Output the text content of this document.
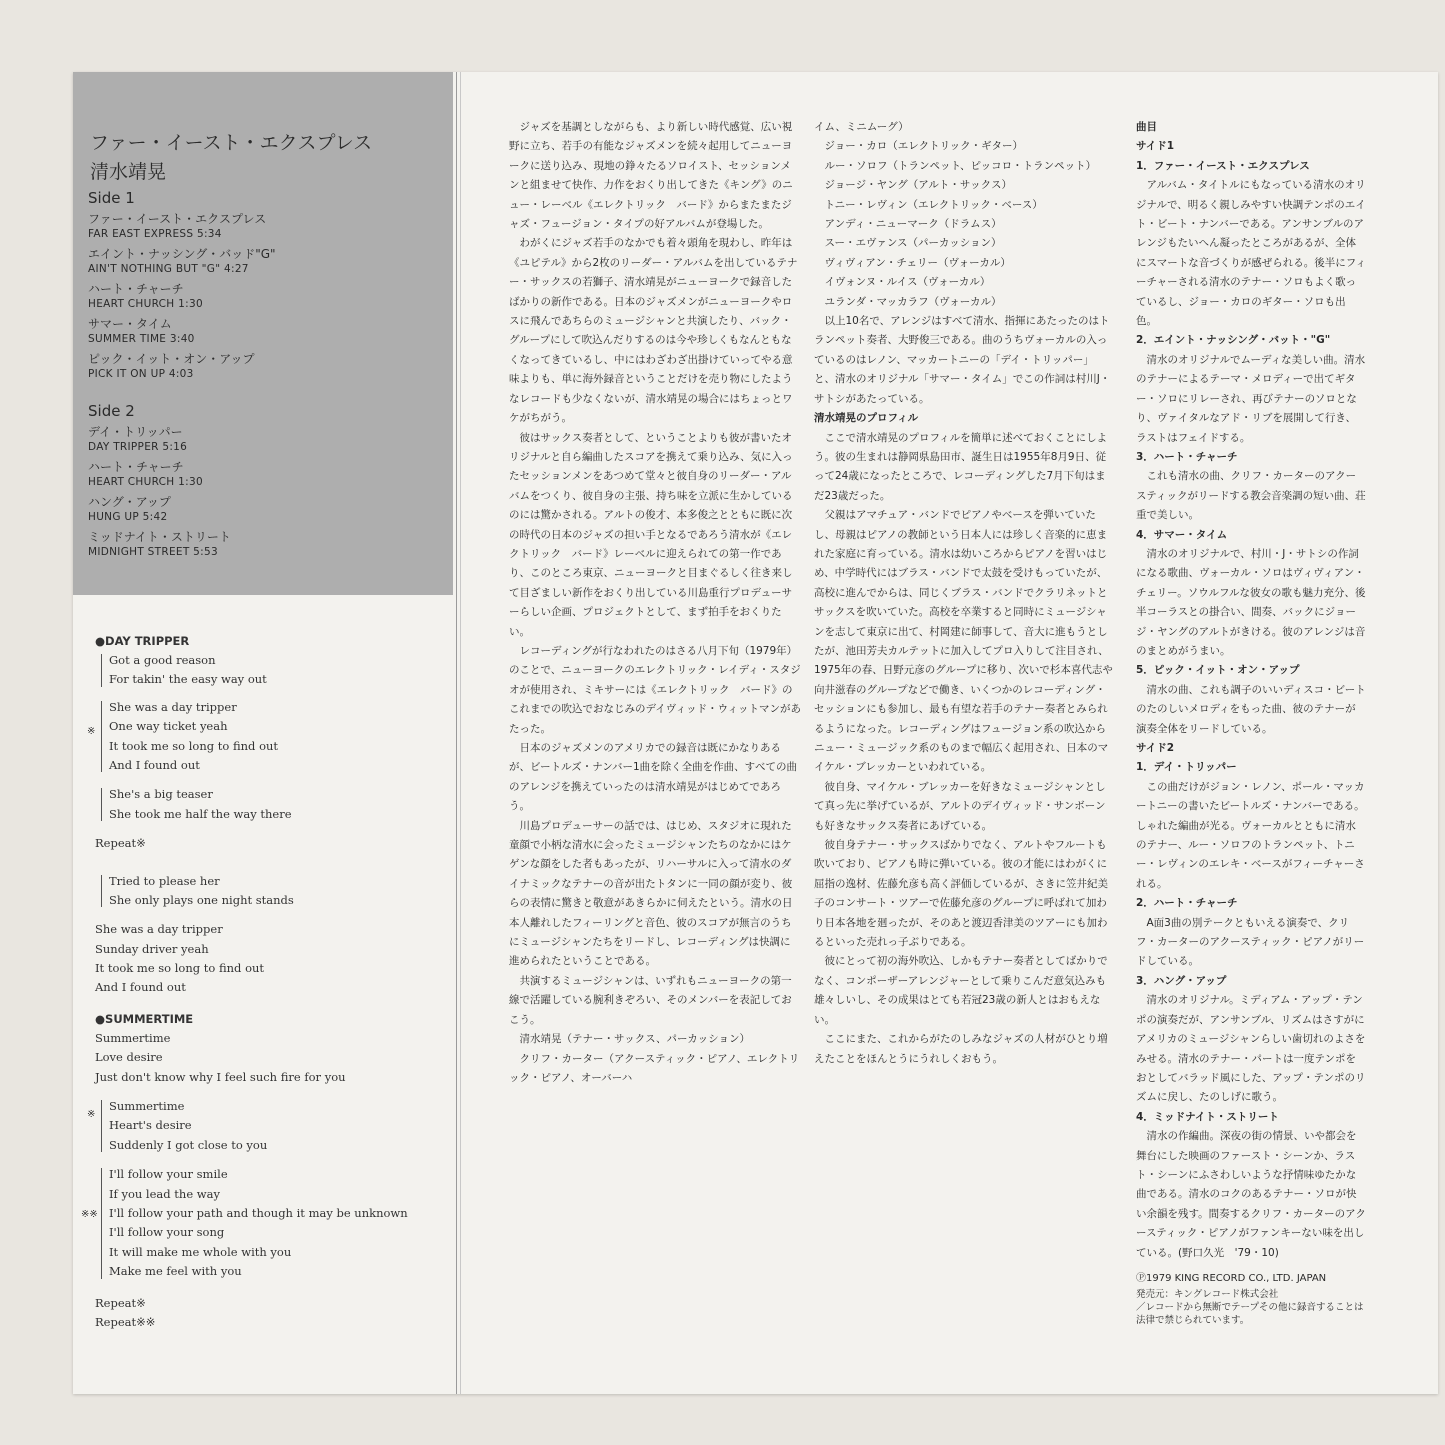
ファー・イースト・エクスプレス
清水靖晃
Side 1
ファー・イースト・エクスプレス
FAR EAST EXPRESS 5:34
エイント・ナッシング・バッド"G"
AIN'T NOTHING BUT "G" 4:27
ハート・チャーチ
HEART CHURCH 1:30
サマー・タイム
SUMMER TIME 3:40
ピック・イット・オン・アップ
PICK IT ON UP 4:03
Side 2
デイ・トリッパー
DAY TRIPPER 5:16
ハート・チャーチ
HEART CHURCH 1:30
ハング・アップ
HUNG UP 5:42
ミッドナイト・ストリート
MIDNIGHT STREET 5:53
●DAY TRIPPER
Got a good reason
For takin' the easy way out
※
She was a day tripper
One way ticket yeah
It took me so long to find out
And I found out
She's a big teaser
She took me half the way there
Repeat※
Tried to please her
She only plays one night stands
She was a day tripper
Sunday driver yeah
It took me so long to find out
And I found out
●SUMMERTIME
Summertime
Love desire
Just don't know why I feel such fire for you
※
Summertime
Heart's desire
Suddenly I got close to you
※※
I'll follow your smile
If you lead the way
I'll follow your path and though it may be unknown
I'll follow your song
It will make me whole with you
Make me feel with you
Repeat※
Repeat※※

ジャズを基調としながらも、より新しい時代感覚、広い視野に立ち、若手の有能なジャズメンを続々起用してニューヨークに送り込み、現地の錚々たるソロイスト、セッションメンと組ませて快作、力作をおくり出してきた《キング》のニュー・レーベル《エレクトリック　バード》からまたまたジャズ・フュージョン・タイプの好アルバムが登場した。

わがくにジャズ若手のなかでも着々頭角を現わし、昨年は《ユピテル》から2枚のリーダー・アルバムを出しているテナー・サックスの若獅子、清水靖晃がニューヨークで録音したばかりの新作である。日本のジャズメンがニューヨークやロスに飛んであちらのミュージシャンと共演したり、バック・グループにして吹込んだりするのは今や珍しくもなんともなくなってきているし、中にはわざわざ出掛けていってやる意味よりも、単に海外録音ということだけを売り物にしたようなレコードも少なくないが、清水靖晃の場合にはちょっとワケがちがう。

彼はサックス奏者として、ということよりも彼が書いたオリジナルと自ら編曲したスコアを携えて乗り込み、気に入ったセッションメンをあつめて堂々と彼自身のリーダー・アルバムをつくり、彼自身の主張、持ち味を立派に生かしているのには驚かされる。アルトの俊才、本多俊之とともに既に次の時代の日本のジャズの担い手となるであろう清水が《エレクトリック　バード》レーベルに迎えられての第一作であり、このところ東京、ニューヨークと目まぐるしく往き来して目ざましい新作をおくり出している川島重行プロデューサーらしい企画、プロジェクトとして、まず拍手をおくりたい。

レコーディングが行なわれたのはさる八月下旬（1979年）のことで、ニューヨークのエレクトリック・レイディ・スタジオが使用され、ミキサーには《エレクトリック　バード》のこれまでの吹込でおなじみのデイヴィッド・ウィットマンがあたった。

日本のジャズメンのアメリカでの録音は既にかなりあるが、ビートルズ・ナンバー1曲を除く全曲を作曲、すべての曲のアレンジを携えていったのは清水靖晃がはじめてであろう。

川島プロデューサーの話では、はじめ、スタジオに現れた童顔で小柄な清水に会ったミュージシャンたちのなかにはケゲンな顔をした者もあったが、リハーサルに入って清水のダイナミックなテナーの音が出たトタンに一同の顔が変り、彼らの表情に驚きと敬意があきらかに伺えたという。清水の日本人離れしたフィーリングと音色、彼のスコアが無言のうちにミュージシャンたちをリードし、レコーディングは快調に進められたということである。

共演するミュージシャンは、いずれもニューヨークの第一線で活躍している腕利きぞろい、そのメンバーを表記しておこう。

清水靖晃（テナー・サックス、パーカッション）

クリフ・カーター（アクースティック・ピアノ、エレクトリック・ピアノ、オーバーハ

イム、ミニムーグ）

ジョー・カロ（エレクトリック・ギター）

ルー・ソロフ（トランペット、ピッコロ・トランペット）

ジョージ・ヤング（アルト・サックス）

トニー・レヴィン（エレクトリック・ベース）

アンディ・ニューマーク（ドラムス）

スー・エヴァンス（パーカッション）

ヴィヴィアン・チェリー（ヴォーカル）

イヴォンヌ・ルイス（ヴォーカル）

ユランダ・マッカラフ（ヴォーカル）

以上10名で、アレンジはすべて清水、指揮にあたったのはトランペット奏者、大野俊三である。曲のうちヴォーカルの入っているのはレノン、マッカートニーの「デイ・トリッパー」と、清水のオリジナル「サマー・タイム」でこの作詞は村川J・サトシがあたっている。

清水靖晃のプロフィル

ここで清水靖晃のプロフィルを簡単に述べておくことにしよう。彼の生まれは静岡県島田市、誕生日は1955年8月9日、従って24歳になったところで、レコーディングした7月下旬はまだ23歳だった。

父親はアマチュア・バンドでピアノやベースを弾いていたし、母親はピアノの教師という日本人には珍しく音楽的に恵まれた家庭に育っている。清水は幼いころからピアノを習いはじめ、中学時代にはブラス・バンドで太鼓を受けもっていたが、高校に進んでからは、同じくブラス・バンドでクラリネットとサックスを吹いていた。高校を卒業すると同時にミュージシャンを志して東京に出て、村岡建に師事して、音大に進もうとしたが、池田芳夫カルテットに加入してプロ入りして注目され、1975年の春、日野元彦のグループに移り、次いで杉本喜代志や向井滋春のグループなどで働き、いくつかのレコーディング・セッションにも参加し、最も有望な若手のテナー奏者とみられるようになった。レコーディングはフュージョン系の吹込からニュー・ミュージック系のものまで幅広く起用され、日本のマイケル・ブレッカーといわれている。

彼自身、マイケル・ブレッカーを好きなミュージシャンとして真っ先に挙げているが、アルトのデイヴィッド・サンボーンも好きなサックス奏者にあげている。

彼自身テナー・サックスばかりでなく、アルトやフルートも吹いており、ピアノも時に弾いている。彼の才能にはわがくに屈指の逸材、佐藤允彦も高く評価しているが、さきに笠井紀美子のコンサート・ツアーで佐藤允彦のグループに呼ばれて加わり日本各地を廻ったが、そのあと渡辺香津美のツアーにも加わるといった売れっ子ぶりである。

彼にとって初の海外吹込、しかもテナー奏者としてばかりでなく、コンポーザーアレンジャーとして乗りこんだ意気込みも雄々しいし、その成果はとても若冠23歳の新人とはおもえない。

ここにまた、これからがたのしみなジャズの人材がひとり増えたことをほんとうにうれしくおもう。

曲目

サイド1

1．ファー・イースト・エクスプレス

アルバム・タイトルにもなっている清水のオリジナルで、明るく親しみやすい快調テンポのエイト・ビート・ナンバーである。アンサンブルのアレンジもたいへん凝ったところがあるが、全体にスマートな音づくりが感ぜられる。後半にフィーチャーされる清水のテナー・ソロもよく歌っているし、ジョー・カロのギター・ソロも出色。

2．エイント・ナッシング・バット・"G"

清水のオリジナルでムーディな美しい曲。清水のテナーによるテーマ・メロディーで出てギター・ソロにリレーされ、再びテナーのソロとなり、ヴァイタルなアド・リブを展開して行き、ラストはフェイドする。

3．ハート・チャーチ

これも清水の曲、クリフ・カーターのアクースティックがリードする教会音楽調の短い曲、荘重で美しい。

4．サマー・タイム

清水のオリジナルで、村川・J・サトシの作詞になる歌曲、ヴォーカル・ソロはヴィヴィアン・チェリー。ソウルフルな彼女の歌も魅力充分、後半コーラスとの掛合い、間奏、バックにジョージ・ヤングのアルトがきける。彼のアレンジは音のまとめがうまい。

5．ピック・イット・オン・アップ

清水の曲、これも調子のいいディスコ・ビートのたのしいメロディをもった曲、彼のテナーが演奏全体をリードしている。

サイド2

1．デイ・トリッパー

この曲だけがジョン・レノン、ポール・マッカートニーの書いたビートルズ・ナンバーである。しゃれた編曲が光る。ヴォーカルとともに清水のテナー、ルー・ソロフのトランペット、トニー・レヴィンのエレキ・ベースがフィーチャーされる。

2．ハート・チャーチ

A面3曲の別テークともいえる演奏で、クリフ・カーターのアクースティック・ピアノがリードしている。

3．ハング・アップ

清水のオリジナル。ミディアム・アップ・テンポの演奏だが、アンサンブル、リズムはさすがにアメリカのミュージシャンらしい歯切れのよさをみせる。清水のテナー・パートは一度テンポをおとしてバラッド風にした、アップ・テンポのリズムに戻し、たのしげに歌う。

4．ミッドナイト・ストリート

清水の作編曲。深夜の街の情景、いや都会を舞台にした映画のファースト・シーンか、ラスト・シーンにふさわしいような抒情味ゆたかな曲である。清水のコクのあるテナー・ソロが快い余韻を残す。間奏するクリフ・カーターのアクースティック・ピアノがファンキーない味を出している。(野口久光　'79・10)

Ⓟ1979 KING RECORD CO., LTD. JAPAN
発売元：キングレコード株式会社
／レコードから無断でテープその他に録音することは法律で禁じられています。
